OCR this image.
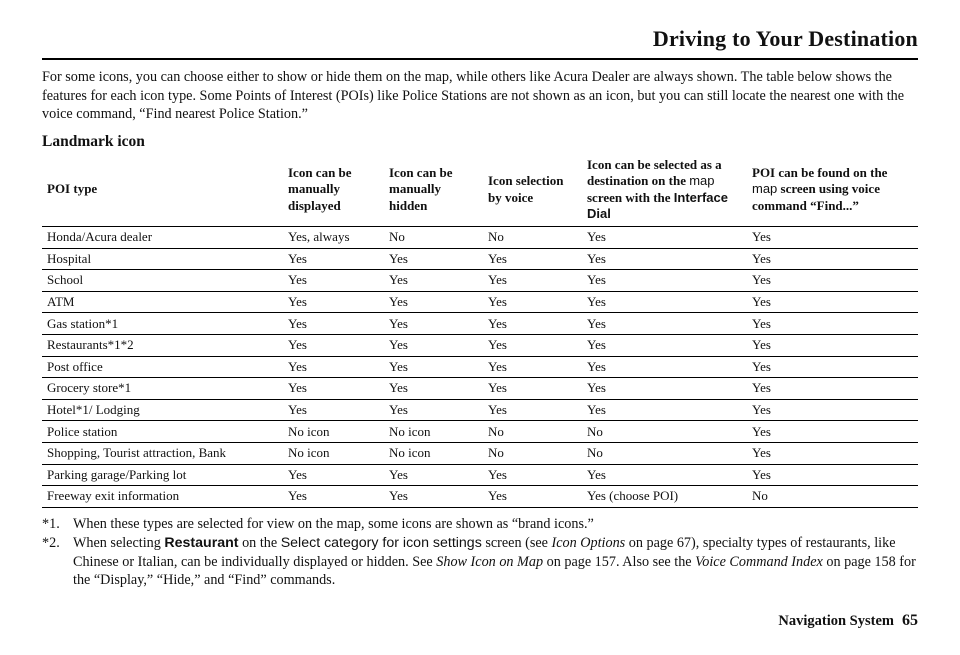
Driving to Your Destination

For some icons, you can choose either to show or hide them on the map, while others like Acura Dealer are always shown. The table below shows the features for each icon type. Some Points of Interest (POIs) like Police Stations are not shown as an icon, but you can still locate the nearest one with the voice command, “Find nearest Police Station.”

Landmark icon
POI type	Icon can be manually displayed	Icon can be manually hidden	Icon selection by voice	Icon can be selected as a destination on the map screen with the Interface Dial	POI can be found on the map screen using voice command “Find...”
Honda/Acura dealer	Yes, always	No	No	Yes	Yes
Hospital	Yes	Yes	Yes	Yes	Yes
School	Yes	Yes	Yes	Yes	Yes
ATM	Yes	Yes	Yes	Yes	Yes
Gas station*1	Yes	Yes	Yes	Yes	Yes
Restaurants*1*2	Yes	Yes	Yes	Yes	Yes
Post office	Yes	Yes	Yes	Yes	Yes
Grocery store*1	Yes	Yes	Yes	Yes	Yes
Hotel*1/ Lodging	Yes	Yes	Yes	Yes	Yes
Police station	No icon	No icon	No	No	Yes
Shopping, Tourist attraction, Bank	No icon	No icon	No	No	Yes
Parking garage/Parking lot	Yes	Yes	Yes	Yes	Yes
Freeway exit information	Yes	Yes	Yes	Yes (choose POI)	No
*1. When these types are selected for view on the map, some icons are shown as “brand icons.”
*2. When selecting Restaurant on the Select category for icon settings screen (see Icon Options on page 67), specialty types of restaurants, like Chinese or Italian, can be individually displayed or hidden. See Show Icon on Map on page 157. Also see the Voice Command Index on page 158 for the “Display,” “Hide,” and “Find” commands.
Navigation System 65
